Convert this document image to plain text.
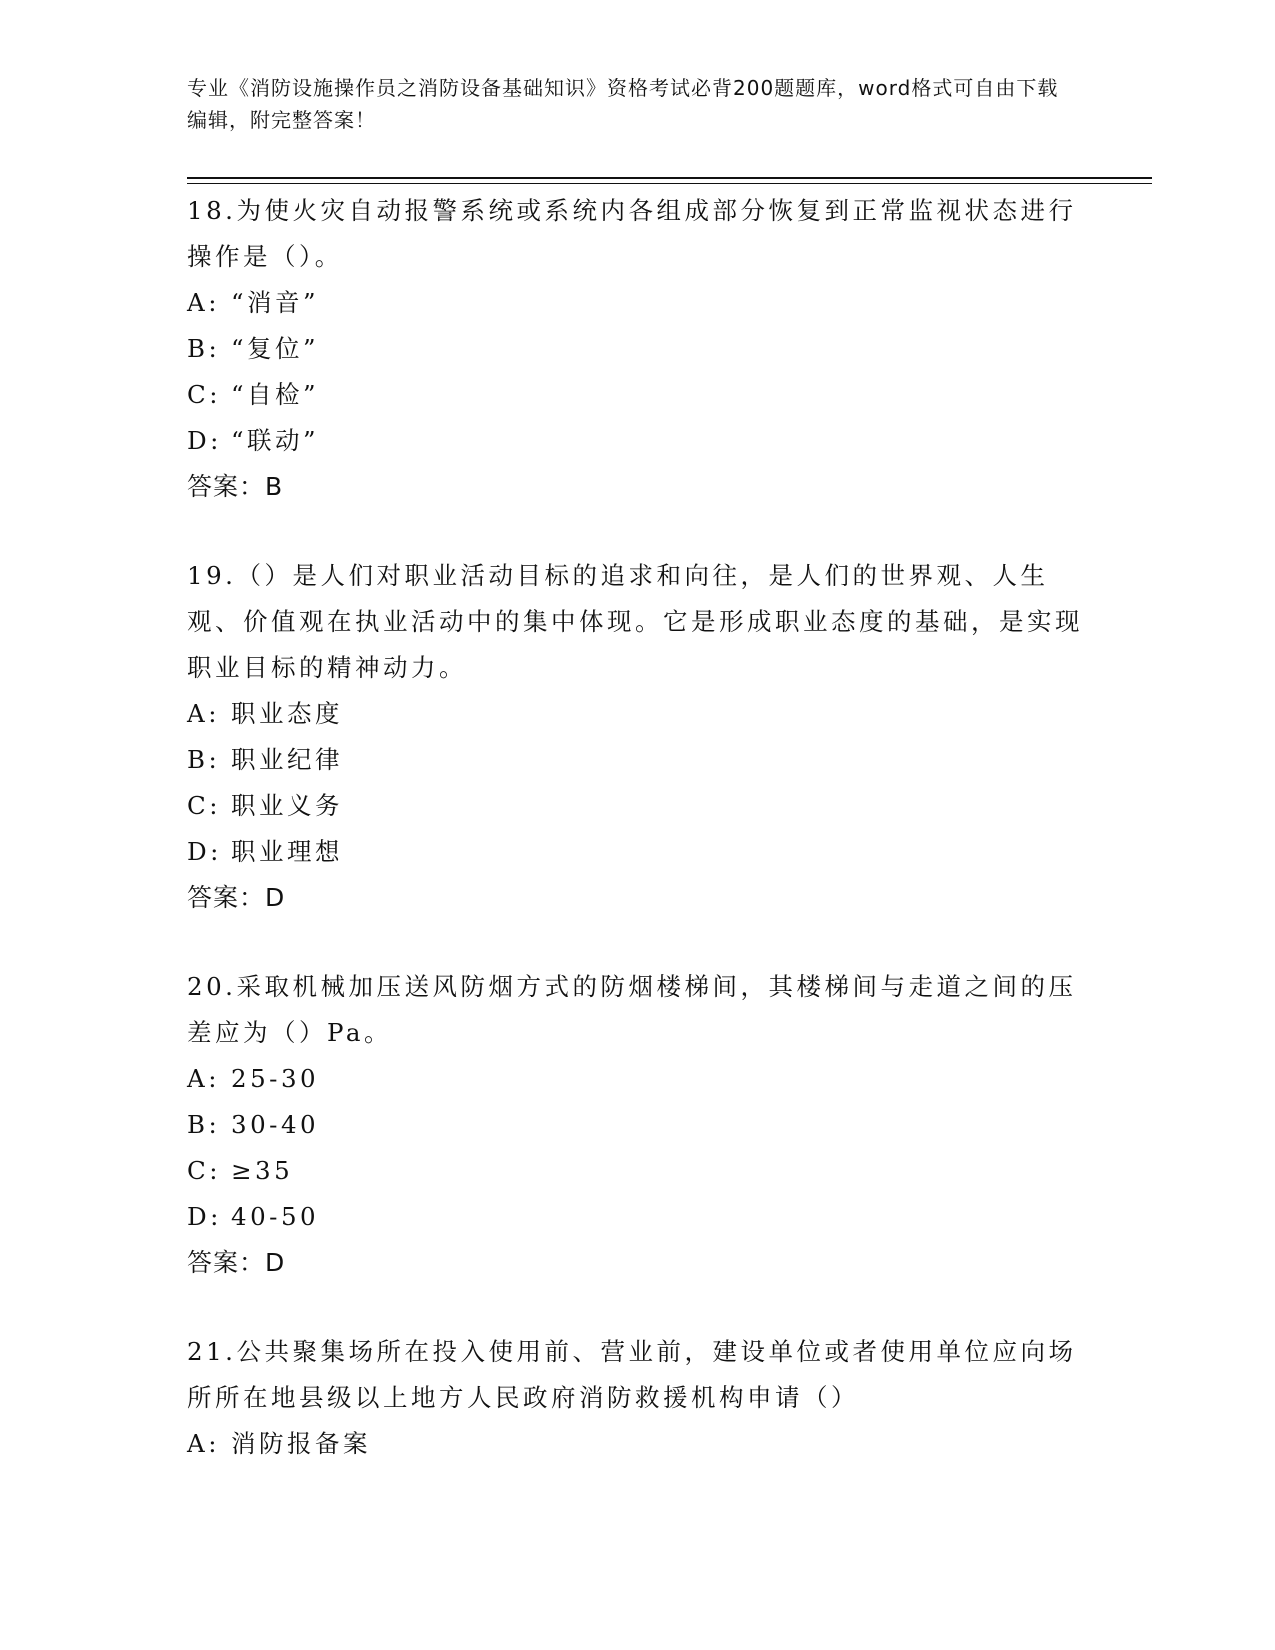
专业《消防设施操作员之消防设备基础知识》资格考试必背200题题库，word格式可自由下载编辑，附完整答案！

18.为使火灾自动报警系统或系统内各组成部分恢复到正常监视状态进行操作是（）。

A: “消音”

B: “复位”

C: “自检”

D: “联动”

答案：B

19.（）是人们对职业活动目标的追求和向往，是人们的世界观、人生观、价值观在执业活动中的集中体现。它是形成职业态度的基础，是实现职业目标的精神动力。

A: 职业态度

B: 职业纪律

C: 职业义务

D: 职业理想

答案：D

20.采取机械加压送风防烟方式的防烟楼梯间，其楼梯间与走道之间的压差应为（）Pa。

A: 25-30

B: 30-40

C: ≥35

D: 40-50

答案：D

21.公共聚集场所在投入使用前、营业前，建设单位或者使用单位应向场所所在地县级以上地方人民政府消防救援机构申请（）

A: 消防报备案
